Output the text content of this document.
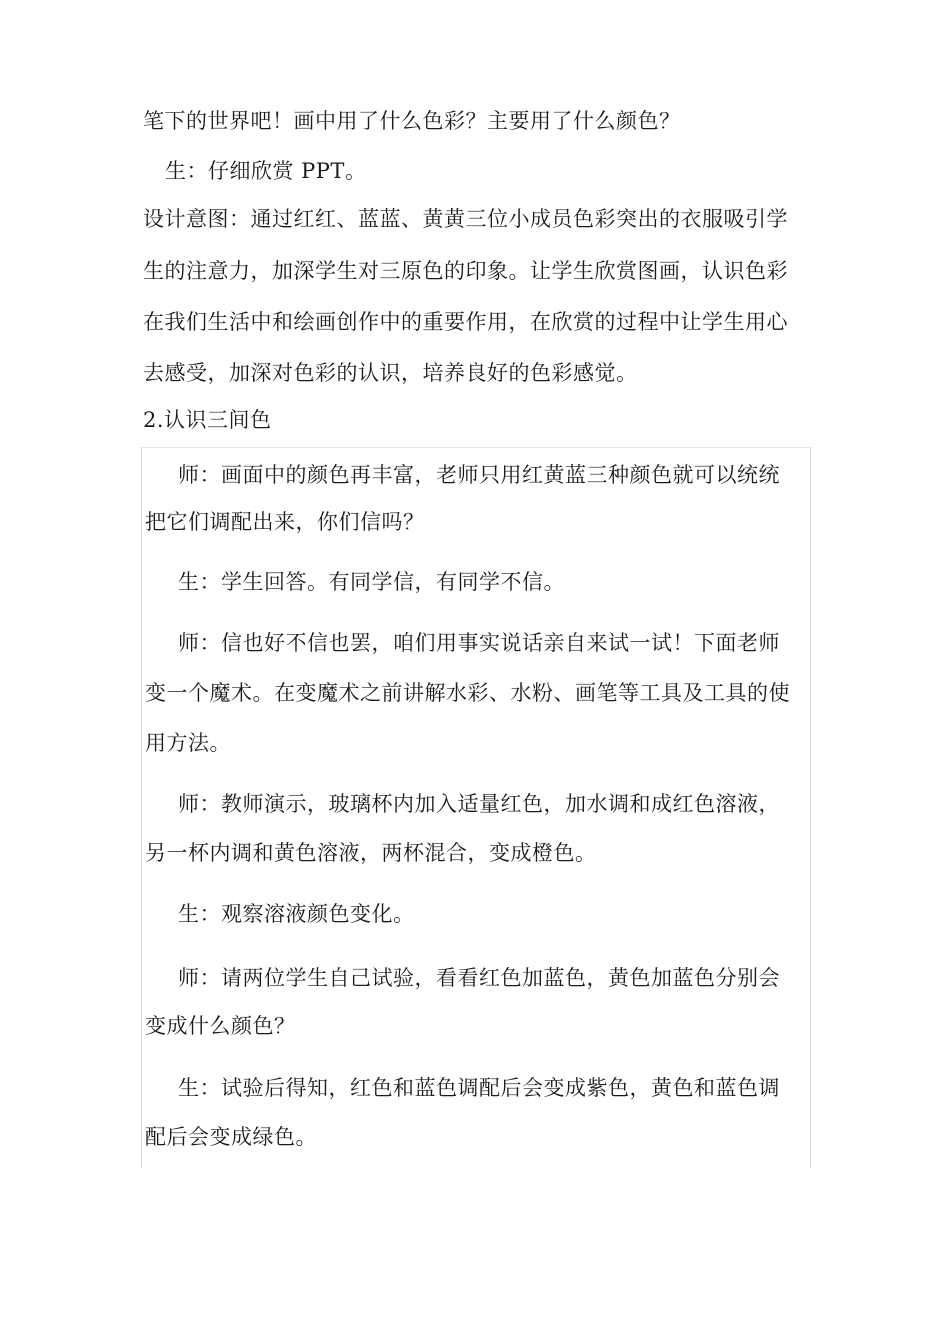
笔下的世界吧！画中用了什么色彩？主要用了什么颜色？
生：仔细欣赏 PPT。
设计意图：通过红红、蓝蓝、黄黄三位小成员色彩突出的衣服吸引学
生的注意力，加深学生对三原色的印象。让学生欣赏图画，认识色彩
在我们生活中和绘画创作中的重要作用，在欣赏的过程中让学生用心
去感受，加深对色彩的认识，培养良好的色彩感觉。
2.认识三间色
师：画面中的颜色再丰富，老师只用红黄蓝三种颜色就可以统统
把它们调配出来，你们信吗？
生：学生回答。有同学信，有同学不信。
师：信也好不信也罢，咱们用事实说话亲自来试一试！下面老师
变一个魔术。在变魔术之前讲解水彩、水粉、画笔等工具及工具的使
用方法。
师：教师演示，玻璃杯内加入适量红色，加水调和成红色溶液，
另一杯内调和黄色溶液，两杯混合，变成橙色。
生：观察溶液颜色变化。
师：请两位学生自己试验，看看红色加蓝色，黄色加蓝色分别会
变成什么颜色？
生：试验后得知，红色和蓝色调配后会变成紫色，黄色和蓝色调
配后会变成绿色。
